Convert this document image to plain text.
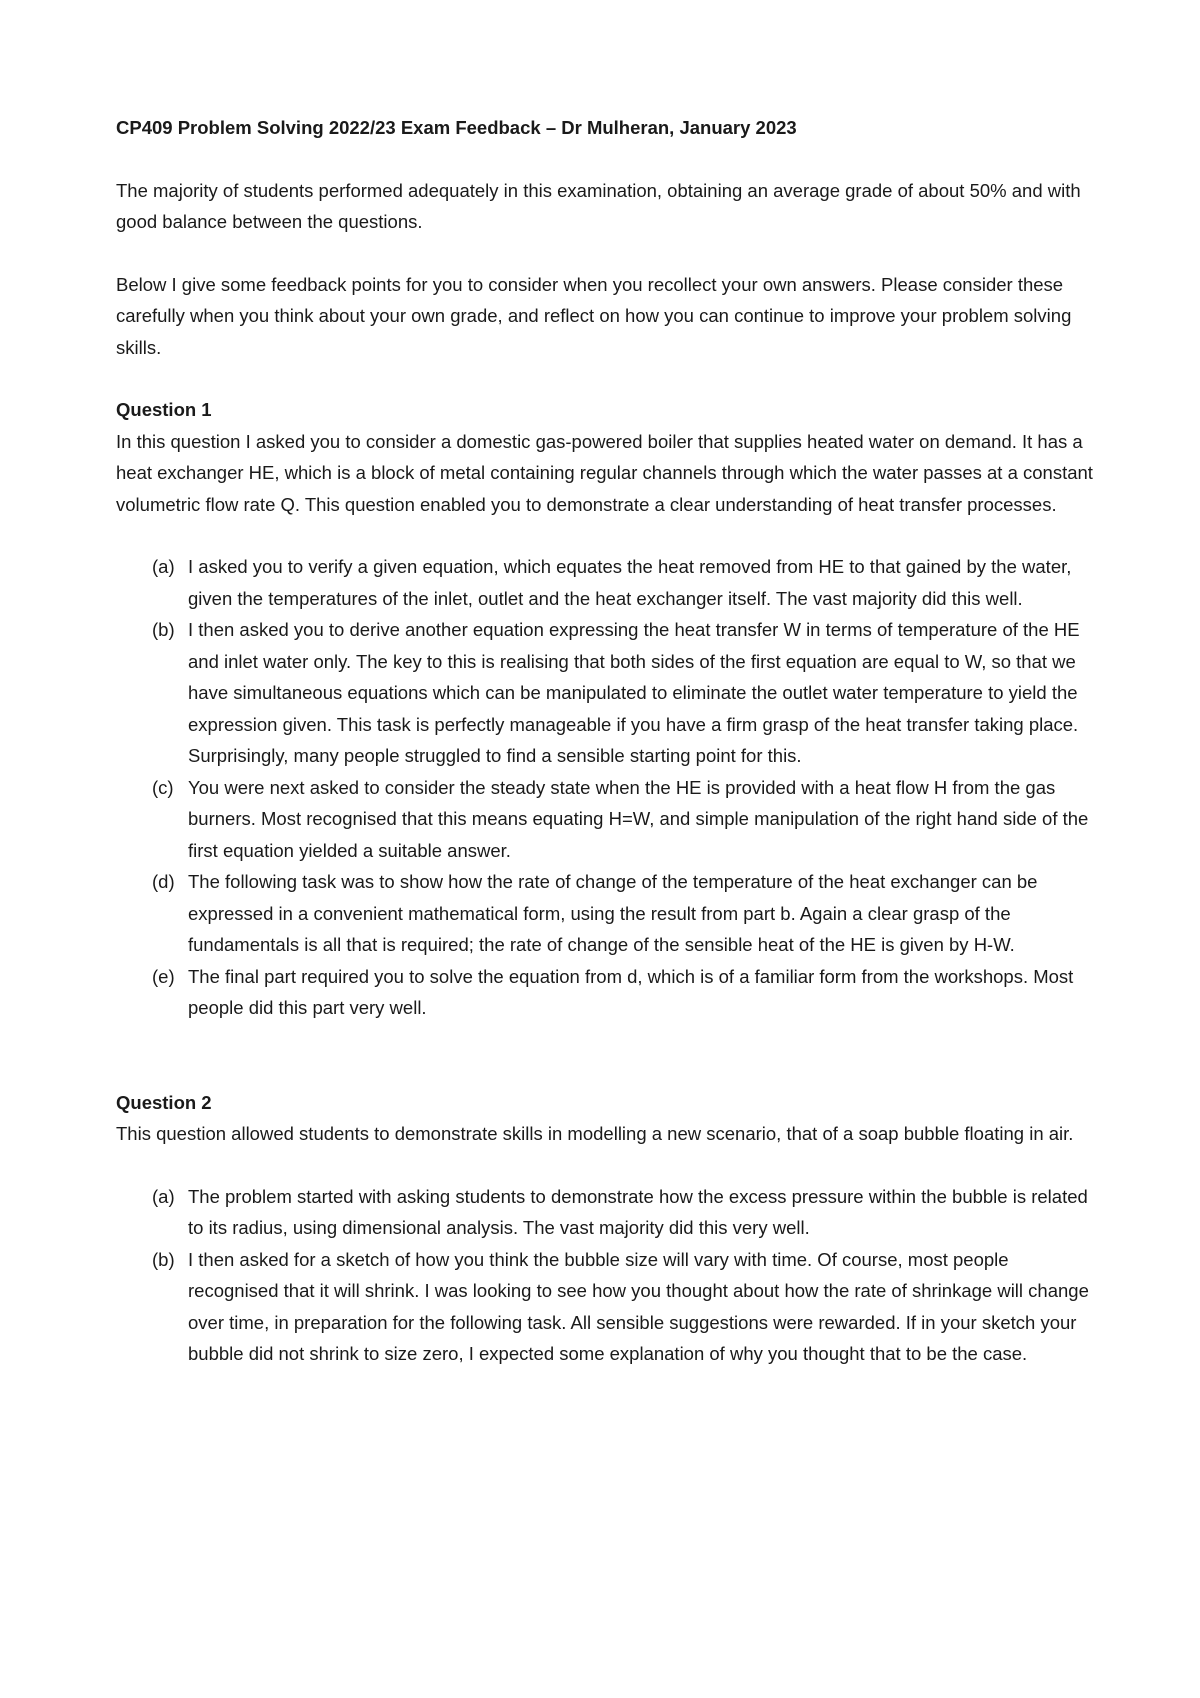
CP409 Problem Solving 2022/23 Exam Feedback – Dr Mulheran, January 2023

The majority of students performed adequately in this examination, obtaining an average grade of about 50% and with good balance between the questions.

Below I give some feedback points for you to consider when you recollect your own answers. Please consider these carefully when you think about your own grade, and reflect on how you can continue to improve your problem solving skills.

Question 1
In this question I asked you to consider a domestic gas-powered boiler that supplies heated water on demand. It has a heat exchanger HE, which is a block of metal containing regular channels through which the water passes at a constant volumetric flow rate Q. This question enabled you to demonstrate a clear understanding of heat transfer processes.
(a) I asked you to verify a given equation, which equates the heat removed from HE to that gained by the water, given the temperatures of the inlet, outlet and the heat exchanger itself. The vast majority did this well.
(b) I then asked you to derive another equation expressing the heat transfer W in terms of temperature of the HE and inlet water only. The key to this is realising that both sides of the first equation are equal to W, so that we have simultaneous equations which can be manipulated to eliminate the outlet water temperature to yield the expression given. This task is perfectly manageable if you have a firm grasp of the heat transfer taking place. Surprisingly, many people struggled to find a sensible starting point for this.
(c) You were next asked to consider the steady state when the HE is provided with a heat flow H from the gas burners. Most recognised that this means equating H=W, and simple manipulation of the right hand side of the first equation yielded a suitable answer.
(d) The following task was to show how the rate of change of the temperature of the heat exchanger can be expressed in a convenient mathematical form, using the result from part b. Again a clear grasp of the fundamentals is all that is required; the rate of change of the sensible heat of the HE is given by H-W.
(e) The final part required you to solve the equation from d, which is of a familiar form from the workshops. Most people did this part very well.
Question 2
This question allowed students to demonstrate skills in modelling a new scenario, that of a soap bubble floating in air.
(a) The problem started with asking students to demonstrate how the excess pressure within the bubble is related to its radius, using dimensional analysis. The vast majority did this very well.
(b) I then asked for a sketch of how you think the bubble size will vary with time. Of course, most people recognised that it will shrink. I was looking to see how you thought about how the rate of shrinkage will change over time, in preparation for the following task. All sensible suggestions were rewarded. If in your sketch your bubble did not shrink to size zero, I expected some explanation of why you thought that to be the case.
